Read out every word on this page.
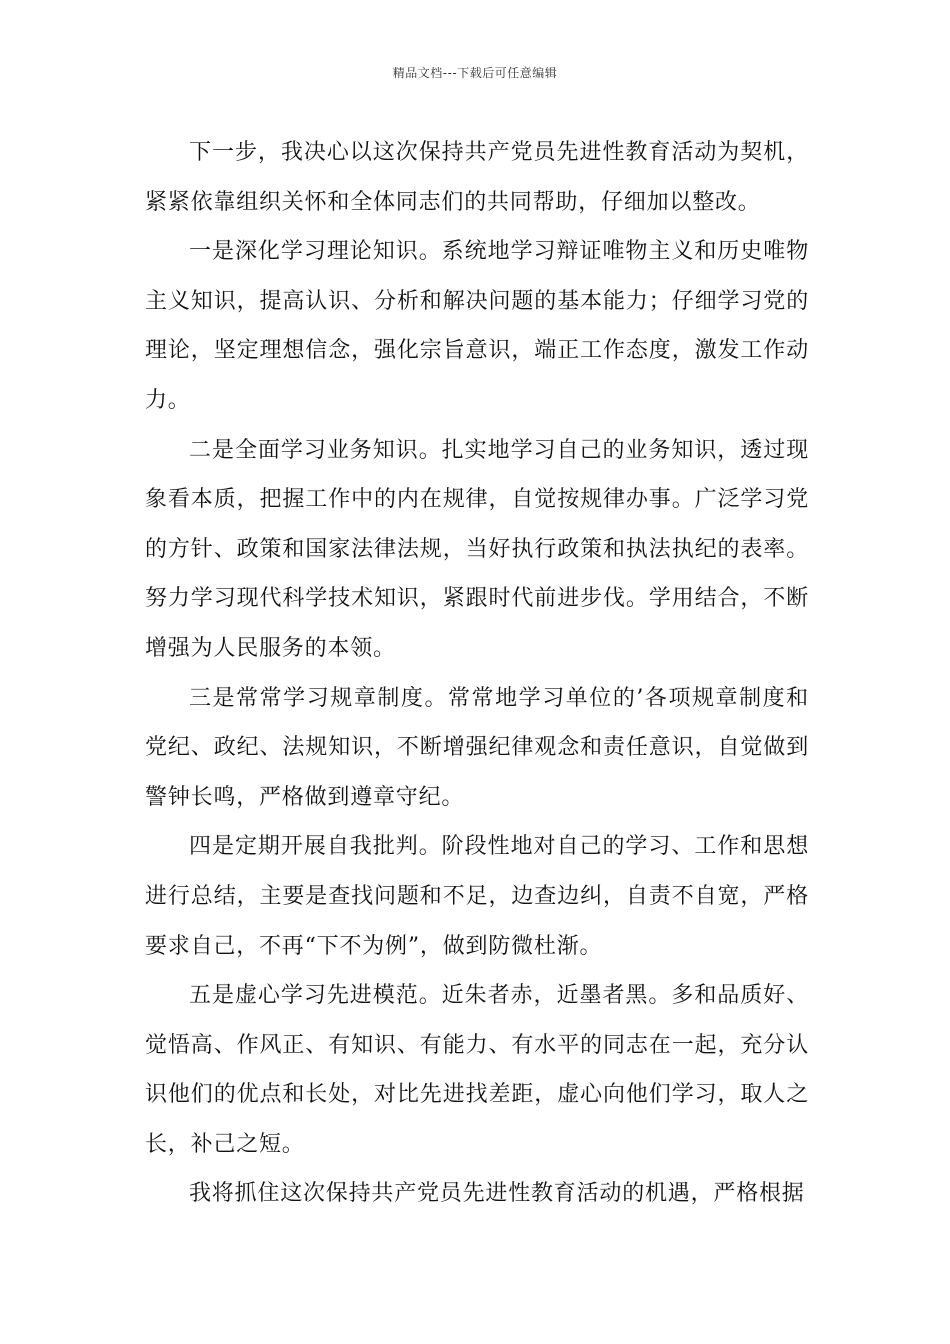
精品文档---下载后可任意编辑

下一步，我决心以这次保持共产党员先进性教育活动为契机，紧紧依靠组织关怀和全体同志们的共同帮助，仔细加以整改。

一是深化学习理论知识。系统地学习辩证唯物主义和历史唯物主义知识，提高认识、分析和解决问题的基本能力；仔细学习党的理论，坚定理想信念，强化宗旨意识，端正工作态度，激发工作动力。

二是全面学习业务知识。扎实地学习自己的业务知识，透过现象看本质，把握工作中的内在规律，自觉按规律办事。广泛学习党的方针、政策和国家法律法规，当好执行政策和执法执纪的表率。努力学习现代科学技术知识，紧跟时代前进步伐。学用结合，不断增强为人民服务的本领。

三是常常学习规章制度。常常地学习单位的’各项规章制度和党纪、政纪、法规知识，不断增强纪律观念和责任意识，自觉做到警钟长鸣，严格做到遵章守纪。

四是定期开展自我批判。阶段性地对自己的学习、工作和思想进行总结，主要是查找问题和不足，边查边纠，自责不自宽，严格要求自己，不再“下不为例”，做到防微杜渐。

五是虚心学习先进模范。近朱者赤，近墨者黑。多和品质好、觉悟高、作风正、有知识、有能力、有水平的同志在一起，充分认识他们的优点和长处，对比先进找差距，虚心向他们学习，取人之长，补己之短。

我将抓住这次保持共产党员先进性教育活动的机遇，严格根据
